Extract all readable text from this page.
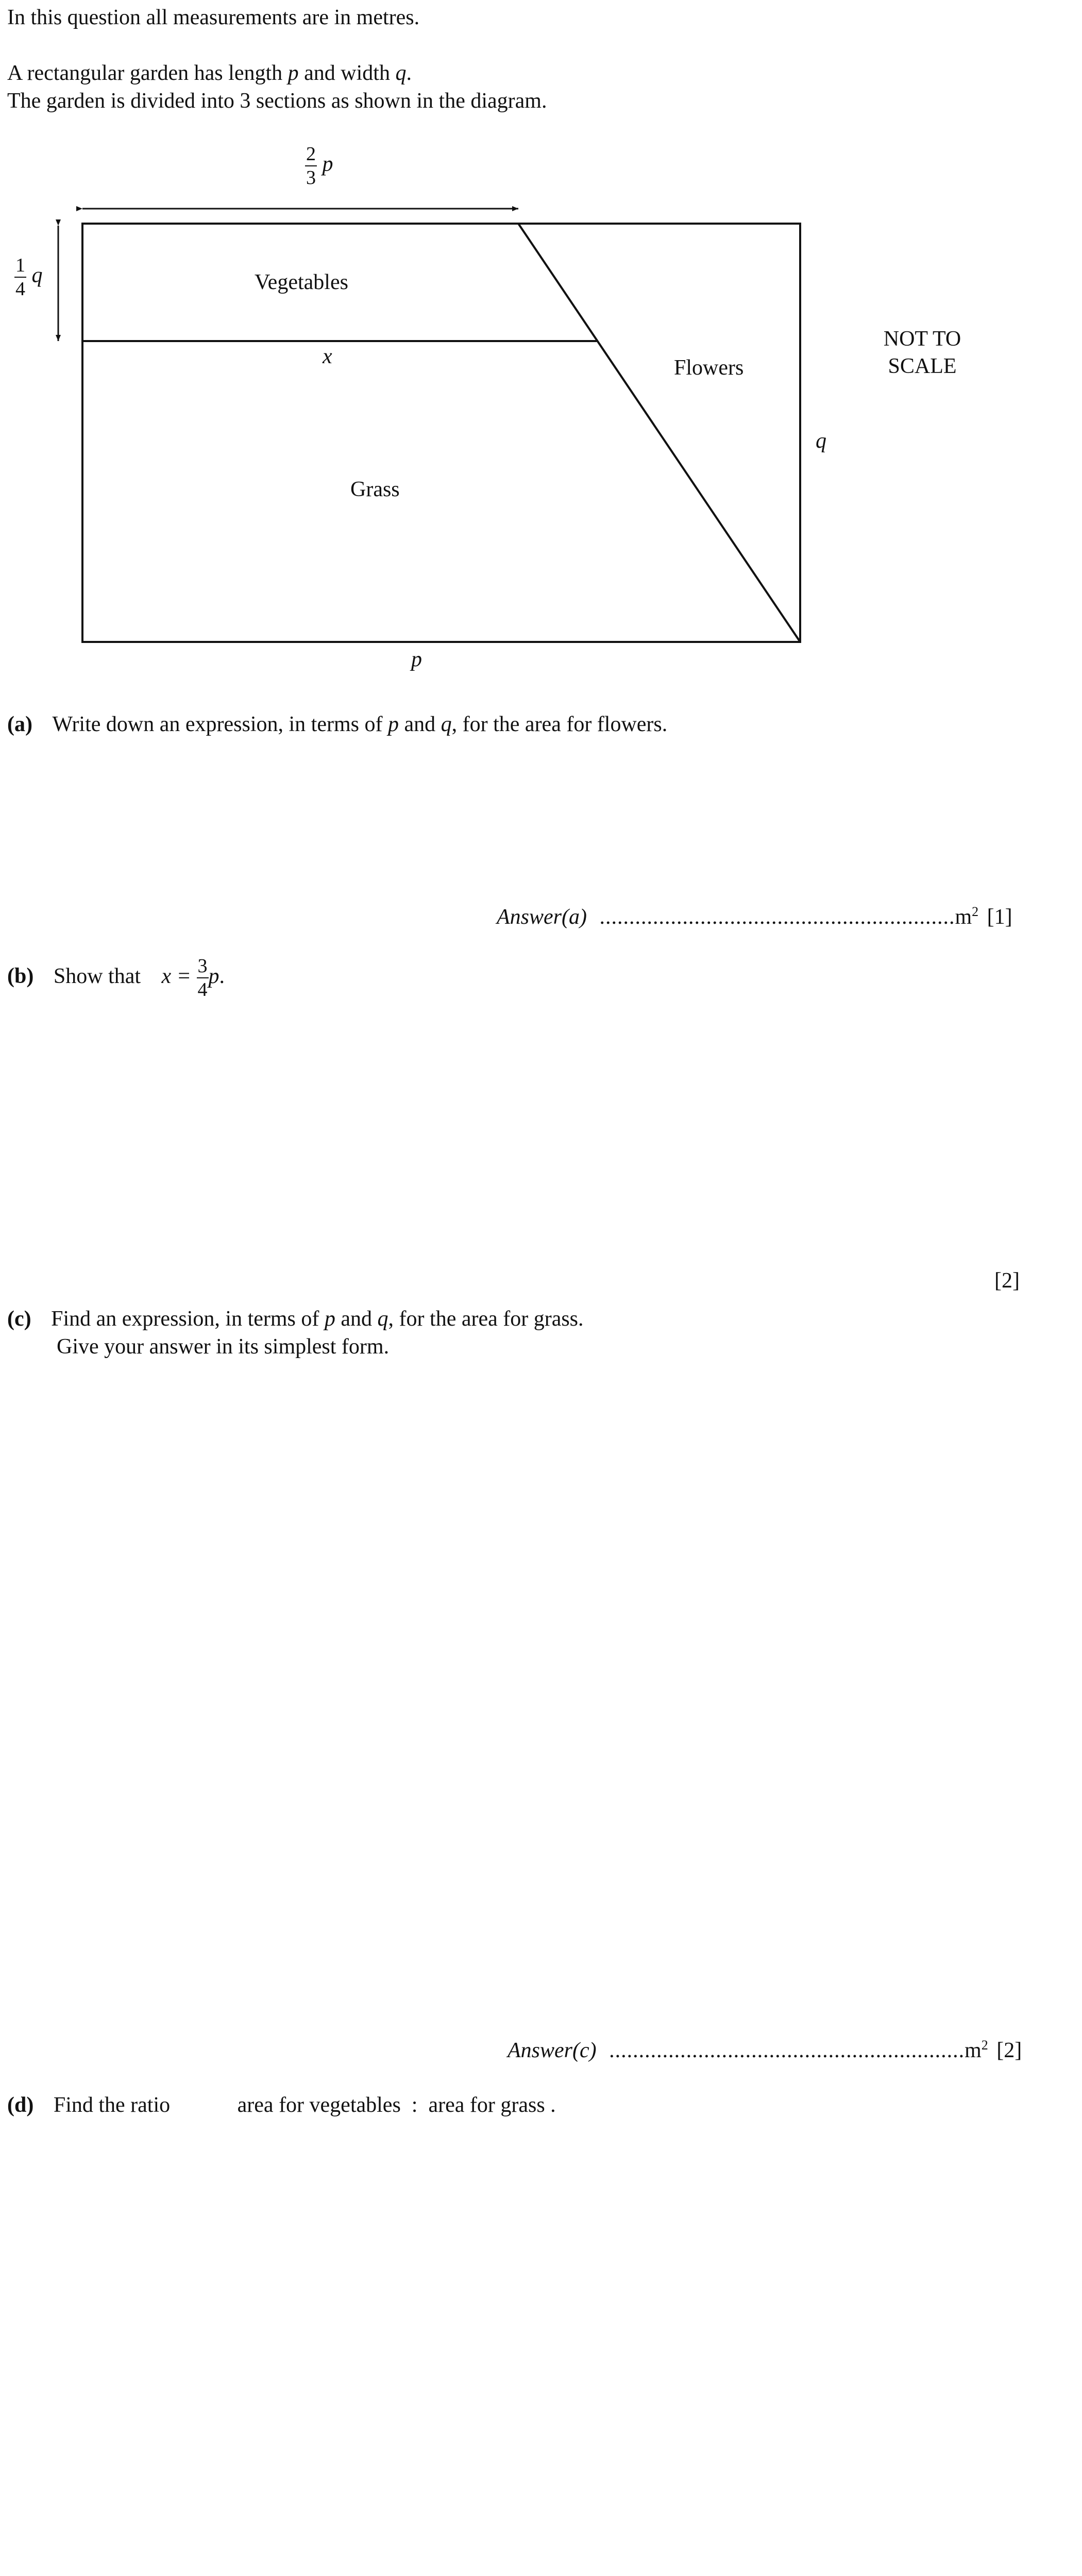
In this question all measurements are in metres.
A rectangular garden has length p and width q.
The garden is divided into 3 sections as shown in the diagram.
$\frac{2}{3}$ p
$\frac{1}{4}$ q	Vegetables
x	Flowers
Grass
q
p
NOT TO
SCALE
(a) Write down an expression, in terms of p and q, for the area for flowers.
Answer(a) $............................................................m^2$ [1]
(b) Show that $x = \frac{3}{4} p$.
[2]
(c) Find an expression, in terms of p and q, for the area for grass.
Give your answer in its simplest form.
Answer(c) $............................................................m^2$ [2]
(d) Find the ratio	area for vegetables  :  area for grass .
